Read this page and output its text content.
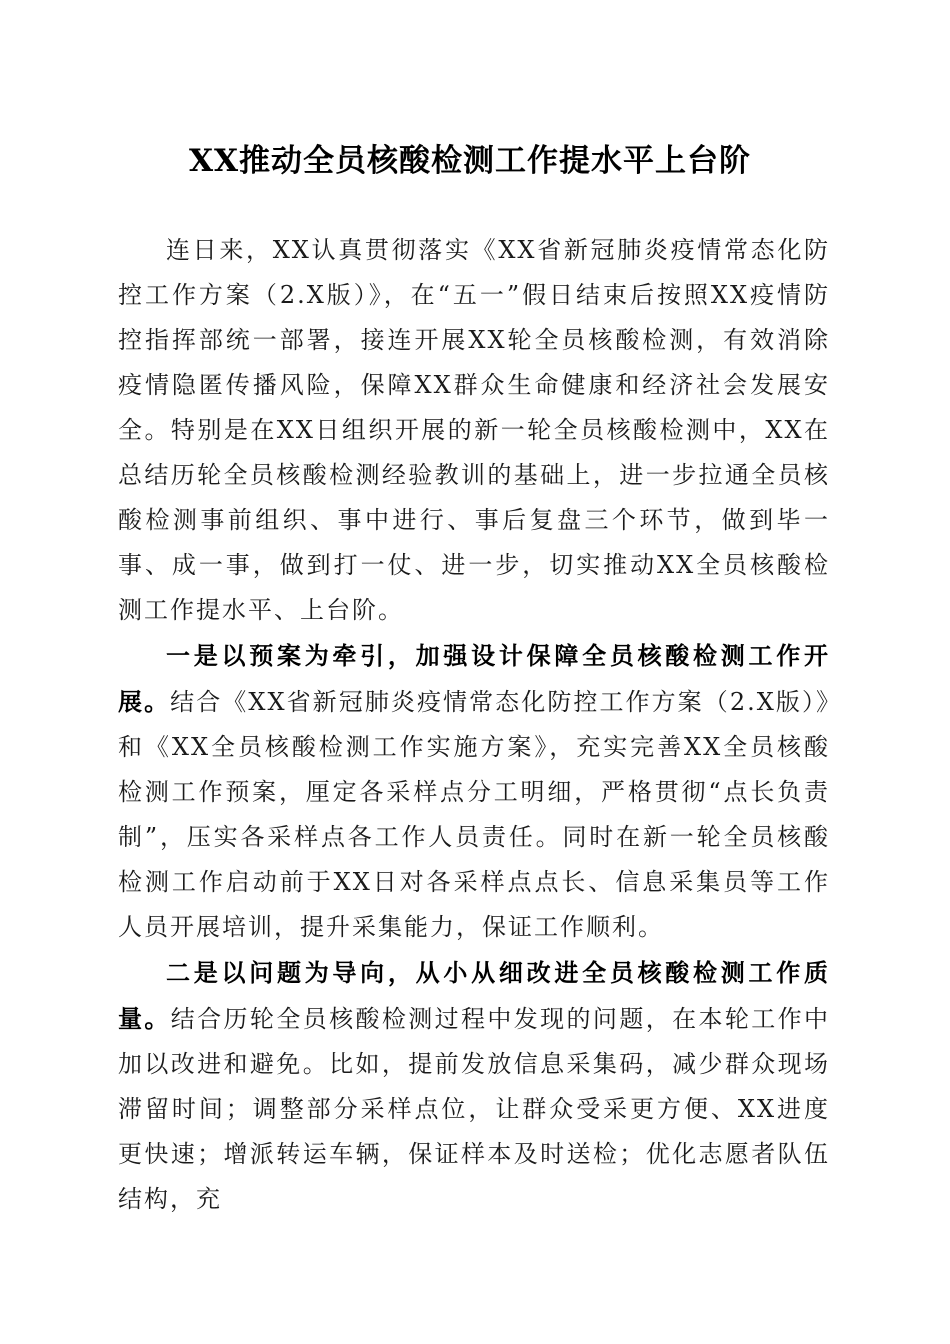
XX推动全员核酸检测工作提水平上台阶

连日来，XX认真贯彻落实《XX省新冠肺炎疫情常态化防控工作方案（2.X版）》，在“五一”假日结束后按照XX疫情防控指挥部统一部署，接连开展XX轮全员核酸检测，有效消除疫情隐匿传播风险，保障XX群众生命健康和经济社会发展安全。特别是在XX日组织开展的新一轮全员核酸检测中，XX在总结历轮全员核酸检测经验教训的基础上，进一步拉通全员核酸检测事前组织、事中进行、事后复盘三个环节，做到毕一事、成一事，做到打一仗、进一步，切实推动XX全员核酸检测工作提水平、上台阶。

一是以预案为牵引，加强设计保障全员核酸检测工作开展。结合《XX省新冠肺炎疫情常态化防控工作方案（2.X版）》和《XX全员核酸检测工作实施方案》，充实完善XX全员核酸检测工作预案，厘定各采样点分工明细，严格贯彻“点长负责制”，压实各采样点各工作人员责任。同时在新一轮全员核酸检测工作启动前于XX日对各采样点点长、信息采集员等工作人员开展培训，提升采集能力，保证工作顺利。

二是以问题为导向，从小从细改进全员核酸检测工作质量。结合历轮全员核酸检测过程中发现的问题，在本轮工作中加以改进和避免。比如，提前发放信息采集码，减少群众现场滞留时间；调整部分采样点位，让群众受采更方便、XX进度更快速；增派转运车辆，保证样本及时送检；优化志愿者队伍结构，充
